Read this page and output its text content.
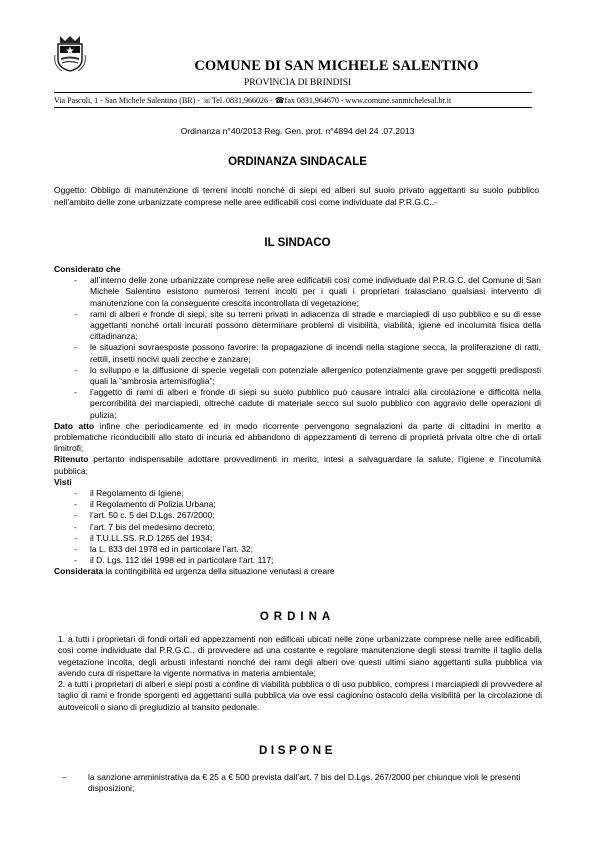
COMUNE DI SAN MICHELE SALENTINO
PROVINCIA DI BRINDISI
Via Pascoli, 1 - San Michele Salentino (BR) - ☏Tel. 0831,966026 - ☎fax 0831,964670 - www.comune.sanmichelesal.br.it
Ordinanza n°40/2013 Reg. Gen. prot. n°4894 del 24 .07.2013
ORDINANZA SINDACALE
Oggetto: Obbligo di manutenzione di terreni incolti nonché di siepi ed alberi sul suolo privato aggettanti su suolo pubblico nell’ambito delle zone urbanizzate comprese nelle aree edificabili così come individuate dal P.R.G.C..-
IL SINDACO
Considerato che
- all’interno delle zone urbanizzate comprese nelle aree edificabili così come individuate dal P.R.G.C. del Comune di San Michele Salentino esistono numerosi terreni incolti per i quali i proprietari tralasciano qualsiasi intervento di manutenzione con la conseguente crescita incontrollata di vegetazione;
- rami di alberi e fronde di siepi, site su terreni privati in adiacenza di strade e marciapiedi di uso pubblico e su di esse aggettanti nonché ortali incurati possono determinare problemi di visibilità, viabilità, igiene ed incolumità fisica della cittadinanza;
- le situazioni sovraesposte possono favorire: la propagazione di incendi nella stagione secca, la proliferazione di ratti, rettili, insetti nocivi quali zecche e zanzare;
- lo sviluppo e la diffusione di specie vegetali con potenziale allergenico potenzialmente grave per soggetti predisposti quali la “ambrosia artemisifoglia”;
- l’aggetto di rami di alberi e fronde di siepi su suolo pubblico può causare intralci alla circolazione e difficoltà nella percorribilità dei marciapiedi, oltreché cadute di materiale secco sul suolo pubblico con aggravio delle operazioni di pulizia;
Dato atto infine che periodicamente ed in modo ricorrente pervengono segnalazioni da parte di cittadini in merito a problematiche riconducibili allo stato di incuria ed abbandono di appezzamenti di terreno di proprietà privata oltre che di ortali limitrofi;
Ritenuto pertanto indispensabile adottare provvedimenti in merito, intesi a salvaguardare la salute, l’igiene e l’incolumità pubblica;
Visti
- il Regolamento di Igiene;
- il Regolamento di Polizia Urbana;
- l’art. 50 c. 5 del D.Lgs. 267/2000;
- l’art. 7 bis del medesimo decreto;
- il T.U.LL.SS. R.D 1265 del 1934;
- la L. 833 del 1978 ed in particolare l’art. 32;
- il D. Lgs. 112 del 1998 ed in particolare l’art. 117;
Considerata la contingibilità ed urgenza della situazione venutasi a creare
ORDINA

1. a tutti i proprietari di fondi ortali ed appezzamenti non edificati ubicati nelle zone urbanizzate comprese nelle aree edificabili, così come individuate dal P.R.G.C., di provvedere ad una costante e regolare manutenzione degli stessi tramite il taglio della vegetazione incolta, degli arbusti infestanti nonché dei rami degli alberi ove questi ultimi siano aggettanti sulla pubblica via avendo cura di rispettare la vigente normativa in materia ambientale;

2. a tutti i proprietari di alberi e siepi posti a confine di viabilità pubblica o di uso pubblico, compresi i marciapiedi di provvedere al taglio di rami e fronde sporgenti ed aggettanti sulla pubblica via ove essi cagionino ostacolo della visibilità per la circolazione di autoveicoli o siano di pregiudizio al transito pedonale.

DISPONE
– la sanzione amministrativa da € 25 a € 500 prevista dall’art. 7 bis del D.Lgs. 267/2000 per chiunque violi le presenti disposizioni;
